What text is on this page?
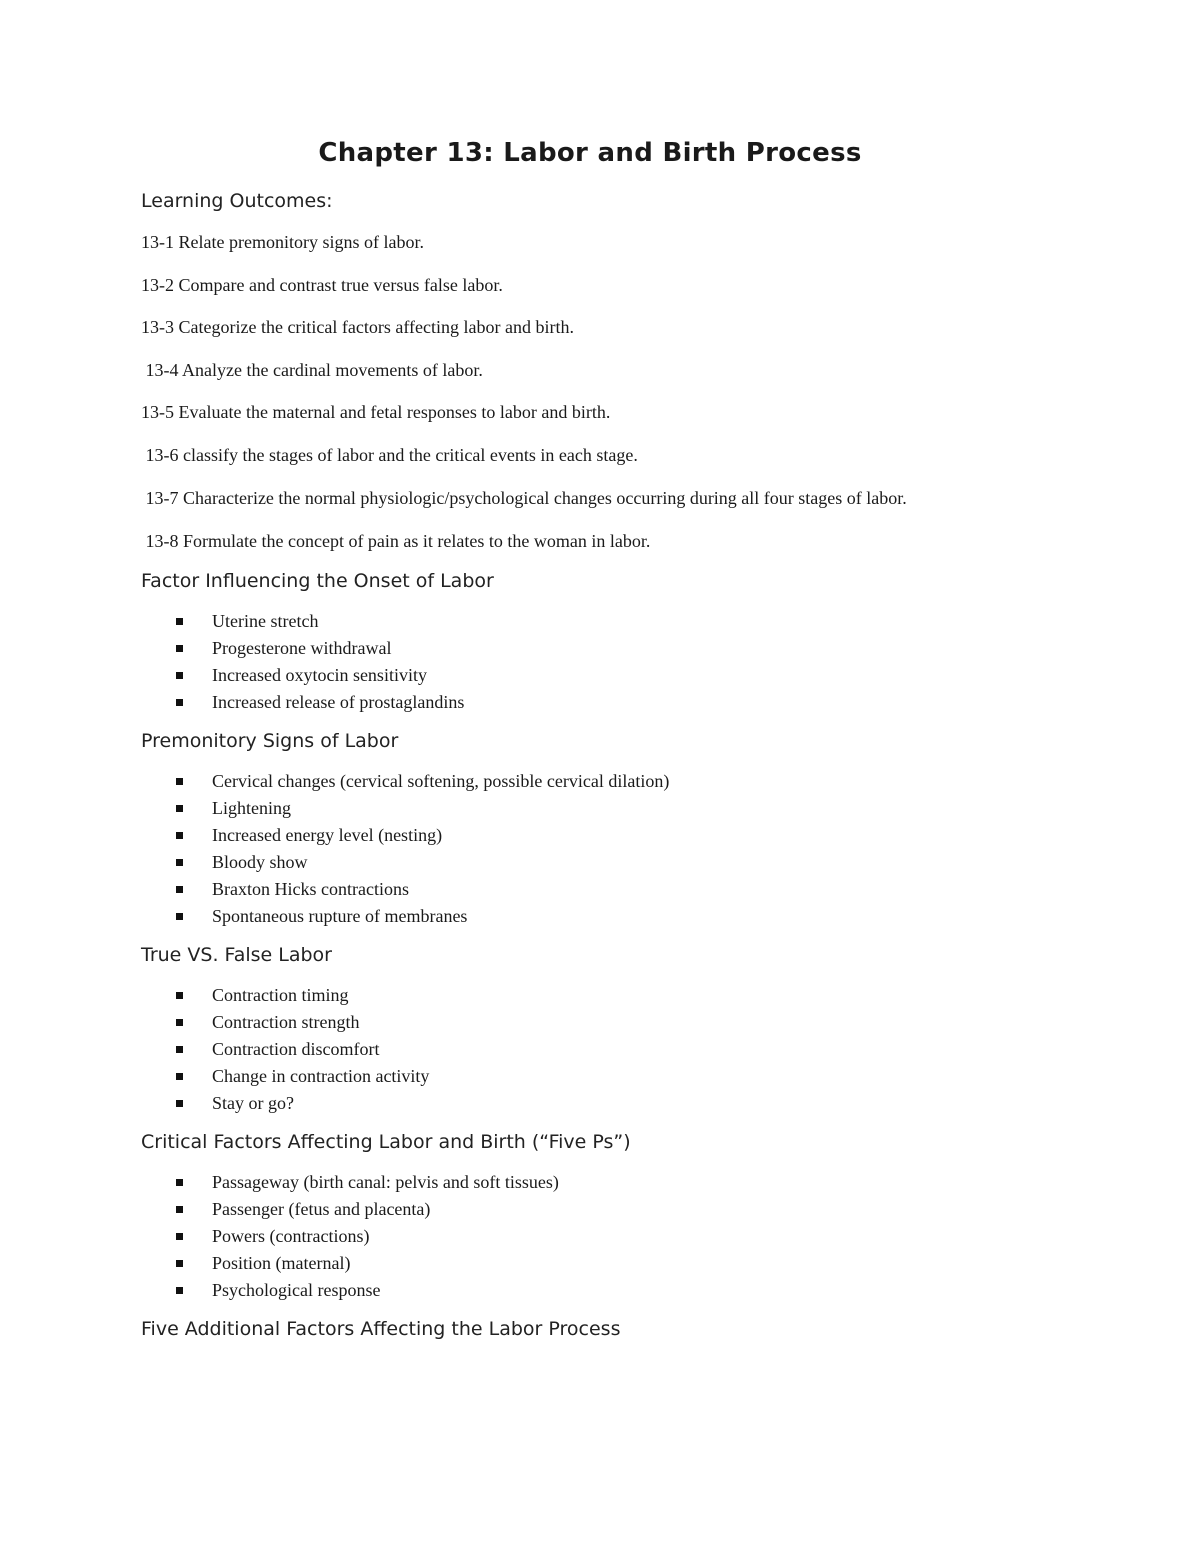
Chapter 13: Labor and Birth Process
Learning Outcomes:

13-1 Relate premonitory signs of labor.

13-2 Compare and contrast true versus false labor.

13-3 Categorize the critical factors affecting labor and birth.

13-4 Analyze the cardinal movements of labor.

13-5 Evaluate the maternal and fetal responses to labor and birth.

13-6 classify the stages of labor and the critical events in each stage.

13-7 Characterize the normal physiologic/psychological changes occurring during all four stages of labor.

13-8 Formulate the concept of pain as it relates to the woman in labor.

Factor Influencing the Onset of Labor
Uterine stretch
Progesterone withdrawal
Increased oxytocin sensitivity
Increased release of prostaglandins
Premonitory Signs of Labor
Cervical changes (cervical softening, possible cervical dilation)
Lightening
Increased energy level (nesting)
Bloody show
Braxton Hicks contractions
Spontaneous rupture of membranes
True VS. False Labor
Contraction timing
Contraction strength
Contraction discomfort
Change in contraction activity
Stay or go?
Critical Factors Affecting Labor and Birth (“Five Ps”)
Passageway (birth canal: pelvis and soft tissues)
Passenger (fetus and placenta)
Powers (contractions)
Position (maternal)
Psychological response
Five Additional Factors Affecting the Labor Process
